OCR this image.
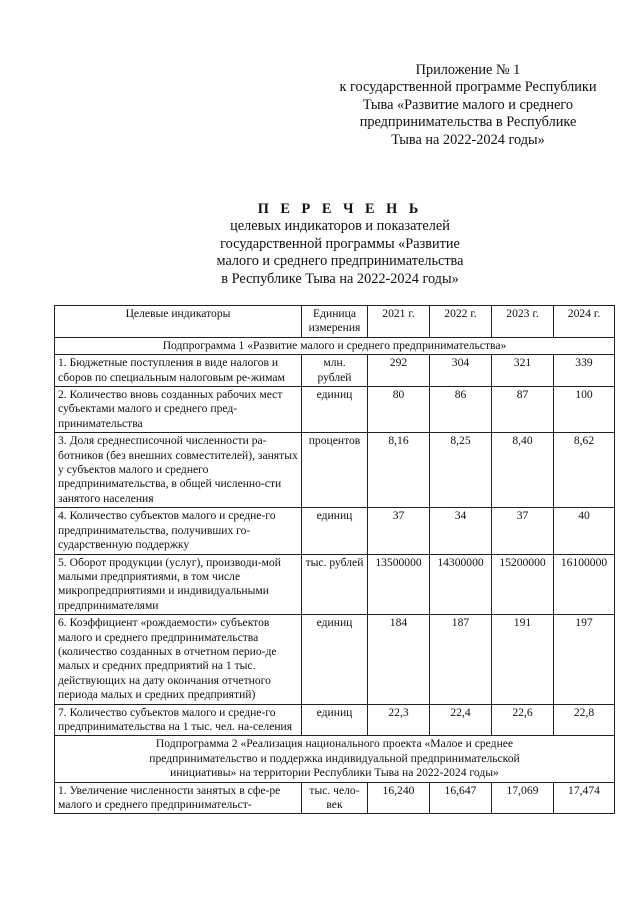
Приложение № 1
к государственной программе Республики
Тыва «Развитие малого и среднего
предпринимательства в Республике
Тыва на 2022-2024 годы»
П Е Р Е Ч Е Н Ь
целевых индикаторов и показателей
государственной программы «Развитие
малого и среднего предпринимательства
в Республике Тыва на 2022-2024 годы»
Целевые индикаторы	Единица измерения	2021 г.	2022 г.	2023 г.	2024 г.
Подпрограмма 1 «Развитие малого и среднего предпринимательства»					
1. Бюджетные поступления в виде налогов и сборов по специальным налоговым ре-жимам	млн. рублей	292	304	321	339
2. Количество вновь созданных рабочих мест субъектами малого и среднего пред-принимательства	единиц	80	86	87	100
3. Доля среднесписочной численности ра-ботников (без внешних совместителей), занятых у субъектов малого и среднего предпринимательства, в общей численно-сти занятого населения	процентов	8,16	8,25	8,40	8,62
4. Количество субъектов малого и средне-го предпринимательства, получивших го-сударственную поддержку	единиц	37	34	37	40
5. Оборот продукции (услуг), производи-мой малыми предприятиями, в том числе микропредприятиями и индивидуальными предпринимателями	тыс. рублей	13500000	14300000	15200000	16100000
6. Коэффициент «рождаемости» субъектов малого и среднего предпринимательства (количество созданных в отчетном перио-де малых и средних предприятий на 1 тыс. действующих на дату окончания отчетного периода малых и средних предприятий)	единиц	184	187	191	197
7. Количество субъектов малого и средне-го предпринимательства на 1 тыс. чел. на-селения	единиц	22,3	22,4	22,6	22,8
Подпрограмма 2 «Реализация национального проекта «Малое и среднее предпринимательство и поддержка индивидуальной предпринимательской инициативы» на территории Республики Тыва на 2022-2024 годы»					
1. Увеличение численности занятых в сфе-ре малого и среднего предпринимательст-	тыс. чело-век	16,240	16,647	17,069	17,474
